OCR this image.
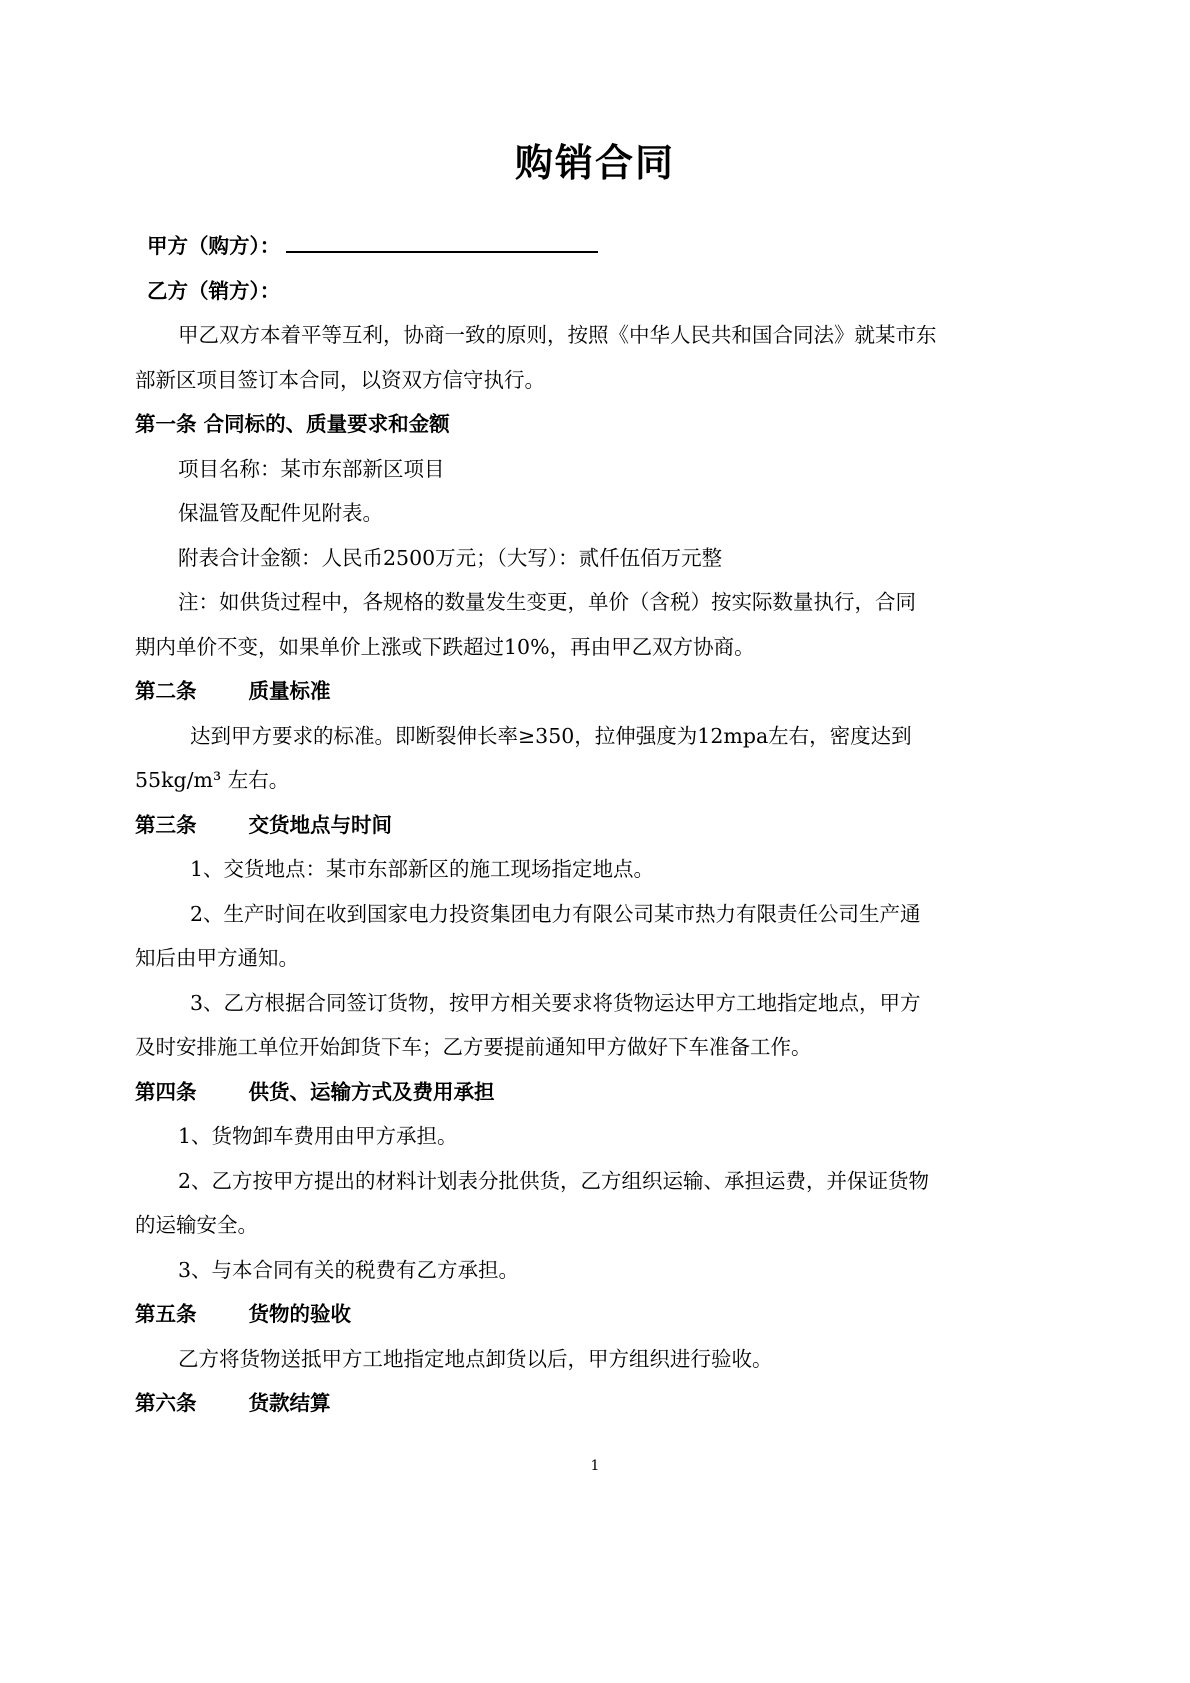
购销合同
甲方（购方）：
乙方（销方）：
甲乙双方本着平等互利，协商一致的原则，按照《中华人民共和国合同法》就某市东
部新区项目签订本合同，以资双方信守执行。
第一条 合同标的、质量要求和金额
项目名称：某市东部新区项目
保温管及配件见附表。
附表合计金额：人民币2500万元；（大写）：贰仟伍佰万元整
注：如供货过程中，各规格的数量发生变更，单价（含税）按实际数量执行，合同
期内单价不变，如果单价上涨或下跌超过10%，再由甲乙双方协商。
第二条	质量标准
达到甲方要求的标准。即断裂伸长率≥350，拉伸强度为12mpa左右，密度达到
55kg/m³ 左右。
第三条	交货地点与时间
1、交货地点：某市东部新区的施工现场指定地点。
2、生产时间在收到国家电力投资集团电力有限公司某市热力有限责任公司生产通
知后由甲方通知。
3、乙方根据合同签订货物，按甲方相关要求将货物运达甲方工地指定地点，甲方
及时安排施工单位开始卸货下车；乙方要提前通知甲方做好下车准备工作。
第四条	供货、运输方式及费用承担
1、货物卸车费用由甲方承担。
2、乙方按甲方提出的材料计划表分批供货，乙方组织运输、承担运费，并保证货物
的运输安全。
3、与本合同有关的税费有乙方承担。
第五条	货物的验收
乙方将货物送抵甲方工地指定地点卸货以后，甲方组织进行验收。
第六条	货款结算
1
